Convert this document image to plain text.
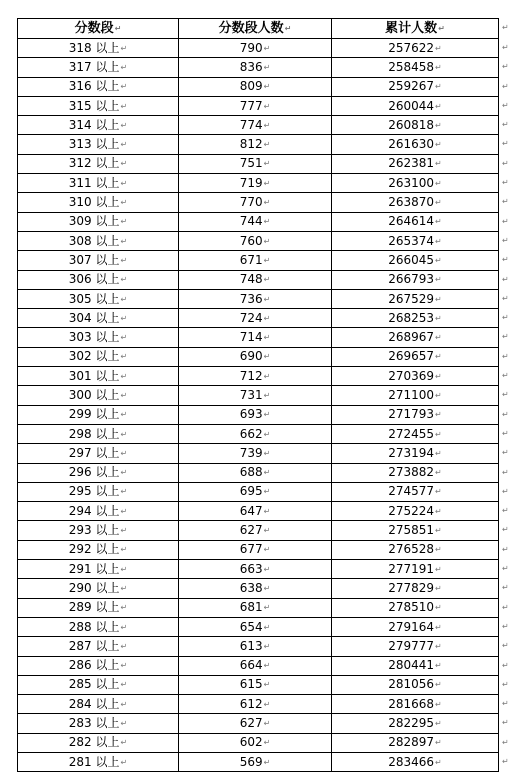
分数段↵	分数段人数↵	累计人数↵
318 以上↵	790↵	257622↵
317 以上↵	836↵	258458↵
316 以上↵	809↵	259267↵
315 以上↵	777↵	260044↵
314 以上↵	774↵	260818↵
313 以上↵	812↵	261630↵
312 以上↵	751↵	262381↵
311 以上↵	719↵	263100↵
310 以上↵	770↵	263870↵
309 以上↵	744↵	264614↵
308 以上↵	760↵	265374↵
307 以上↵	671↵	266045↵
306 以上↵	748↵	266793↵
305 以上↵	736↵	267529↵
304 以上↵	724↵	268253↵
303 以上↵	714↵	268967↵
302 以上↵	690↵	269657↵
301 以上↵	712↵	270369↵
300 以上↵	731↵	271100↵
299 以上↵	693↵	271793↵
298 以上↵	662↵	272455↵
297 以上↵	739↵	273194↵
296 以上↵	688↵	273882↵
295 以上↵	695↵	274577↵
294 以上↵	647↵	275224↵
293 以上↵	627↵	275851↵
292 以上↵	677↵	276528↵
291 以上↵	663↵	277191↵
290 以上↵	638↵	277829↵
289 以上↵	681↵	278510↵
288 以上↵	654↵	279164↵
287 以上↵	613↵	279777↵
286 以上↵	664↵	280441↵
285 以上↵	615↵	281056↵
284 以上↵	612↵	281668↵
283 以上↵	627↵	282295↵
282 以上↵	602↵	282897↵
281 以上↵	569↵	283466↵
↵
↵
↵
↵
↵
↵
↵
↵
↵
↵
↵
↵
↵
↵
↵
↵
↵
↵
↵
↵
↵
↵
↵
↵
↵
↵
↵
↵
↵
↵
↵
↵
↵
↵
↵
↵
↵
↵
↵
